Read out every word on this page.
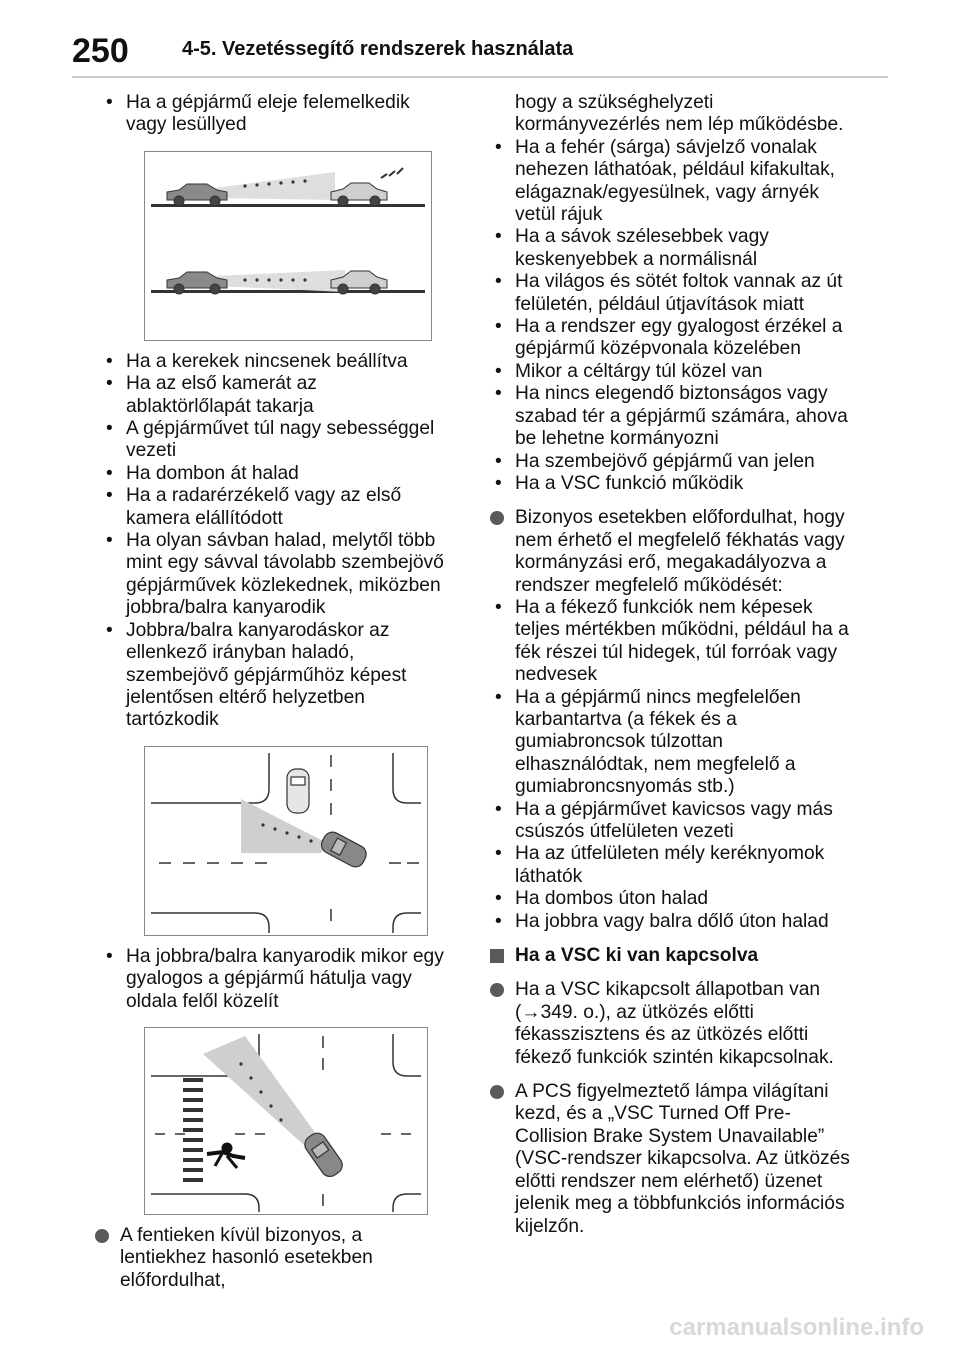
250	4-5. Vezetéssegítő rendszerek használata
• Ha a gépjármű eleje felemelkedik vagy lesüllyed
• Ha a kerekek nincsenek beállítva
• Ha az első kamerát az ablaktörlőlapát takarja
• A gépjárművet túl nagy sebességgel vezeti
• Ha dombon át halad
• Ha a radarérzékelő vagy az első kamera elállítódott
• Ha olyan sávban halad, melytől több mint egy sávval távolabb szembejövő gépjárművek közlekednek, miközben jobbra/balra kanyarodik
• Jobbra/balra kanyarodáskor az ellenkező irányban haladó, szembejövő gépjárműhöz képest jelentősen eltérő helyzetben tartózkodik
• Ha jobbra/balra kanyarodik mikor egy gyalogos a gépjármű hátulja vagy oldala felől közelít
A fentieken kívül bizonyos, a lentiekhez hasonló esetekben előfordulhat,
hogy a szükséghelyzeti kormányvezérlés nem lép működésbe.
• Ha a fehér (sárga) sávjelző vonalak nehezen láthatóak, például kifakultak, elágaznak/egyesülnek, vagy árnyék vetül rájuk
• Ha a sávok szélesebbek vagy keskenyebbek a normálisnál
• Ha világos és sötét foltok vannak az út felületén, például útjavítások miatt
• Ha a rendszer egy gyalogost érzékel a gépjármű középvonala közelében
• Mikor a céltárgy túl közel van
• Ha nincs elegendő biztonságos vagy szabad tér a gépjármű számára, ahova be lehetne kormányozni
• Ha szembejövő gépjármű van jelen
• Ha a VSC funkció működik
Bizonyos esetekben előfordulhat, hogy nem érhető el megfelelő fékhatás vagy kormányzási erő, megakadályozva a rendszer megfelelő működését:
• Ha a fékező funkciók nem képesek teljes mértékben működni, például ha a fék részei túl hidegek, túl forróak vagy nedvesek
• Ha a gépjármű nincs megfelelően karbantartva (a fékek és a gumiabroncsok túlzottan elhasználódtak, nem megfelelő a gumiabroncsnyomás stb.)
• Ha a gépjárművet kavicsos vagy más csúszós útfelületen vezeti
• Ha az útfelületen mély keréknyomok láthatók
• Ha dombos úton halad
• Ha jobbra vagy balra dőlő úton halad
Ha a VSC ki van kapcsolva
Ha a VSC kikapcsolt állapotban van (→349. o.), az ütközés előtti fékasszisztens és az ütközés előtti fékező funkciók szintén kikapcsolnak.
A PCS figyelmeztető lámpa világítani kezd, és a „VSC Turned Off Pre-Collision Brake System Unavailable” (VSC-rendszer kikapcsolva. Az ütközés előtti rendszer nem elérhető) üzenet jelenik meg a többfunkciós információs kijelzőn.
carmanualsonline.info
